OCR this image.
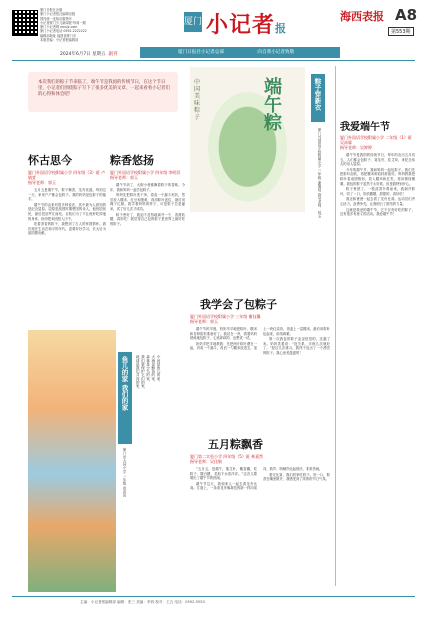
厦门日报社出版
厦门小记者报社编辑出版
国内统一连续出版物号
小记者厦门少儿新闻报·每周一期
厦门小记者网 xmxjz.com
厦门小记者电话 0592-2222222
编辑部地址 福建省厦门市
本版责编：小记者报编辑部
厦门 小记者报
海西表报 A8
第553期
2024年6月7日 星期五 副刊	厦门日报社小记者总部	向自我小记者致敬
本次我们的粽子节来临了，端午节是我国的传统节日，在这个节日里，小记者们围绕粽子写下了很多优美的文章，一起来看看小记者们的心得和体会吧！
中国美味粽子	端午粽	粽子穿新衣
厦门外国语学校附属小学 三年级 谢馨瑶 指导老师：郭玉
怀古思今
厦门外国语学校附属小学 四年级（3）班 卢婧萱
指导老师：郭玉

五月五是端午节，粽子飘香，龙舟竞渡。每到这一天，家家户户都会包粽子。我的奶奶是包粽子的能手。

端午节的由来有很多种说法，其中最为人熟知的是纪念屈原。屈原是战国时期楚国的诗人，他忧国忧民，最后投汨罗江而死。百姓们为了不让鱼虾吃掉他的身体，纷纷把米团投入江中。

吃着香香的粽子，我想到了古人的家国情怀。我们现在生活在和平的年代，更要好好学习，长大后为祖国做贡献。

粽香悠扬
厦门外国语学校附属小学 四年级 李明洋
指导老师：郭玉

端午节到了，大街小巷都飘着粽子的香味。今年，我和妈妈一起学包粽子。

妈妈先把粽叶洗干净，卷成一个漏斗形状，然后放入糯米、红豆和蛋黄，再用粽叶盖住，最后用绳子扎紧。我学着妈妈的样子，可是粽子总是漏米，试了好几次才成功。

粽子煮好了，我迫不及待地剥开一个，香甜软糯，真好吃！我觉得自己包的粽子是世界上最好吃的粽子。

鱼儿的家 我们的家
厦门市大同小学 一年级 郑沐萱
小河是鱼儿的家，
大海是鲸鱼的家，
森林是小鸟的家，
我们要保护它们的家，
地球是我们共同的家。
我学会了包粽子
厦门外国语学校附属小学 三年级 谢钰馨
指导老师：郭玉

端午节的早晨，奶奶早早地把粽叶、糯米和各种馅料准备好了。我站在一旁，看着奶奶熟练地包粽子，心里痒痒的，也想试一试。

奶奶手把手地教我：先把两片粽叶叠在一起，折成一个漏斗，再舀一勺糯米放进去，加上一块红烧肉，再盖上一层糯米，最后用粽叶包起来，用线绑紧。

第一次我包的粽子歪歪扭扭的，还漏了米。奶奶笑着说：“没关系，多练几次就好了。”经过几次练习，我终于包出了一个漂亮的粽子。我心里美滋滋的！

五月粽飘香
厦门第二实验小学 四年级（5）班 林嘉然
指导老师：吴佳敏

“五月五，是端午，插艾叶，戴香囊，吃粽子，撒白糖，龙船下水喜洋洋。”这首儿歌唱出了端午节的热闹。

端午节这天，我和家人一起去看龙舟比赛。江面上，一条条龙舟像离弦的箭一样向前冲，鼓声、呐喊声此起彼伏，非常热闹。

看完比赛，我们回家吃粽子。咬一口，粽香在嘴里散开，我感受到了浓浓的节日气氛。

我爱端午节
厦门外国语学校附属小学 二年级（1）班 吴沛霖
指导老师：吴婷婷

端午节是我国的传统节日，每年的农历五月初五，人们都会包粽子、赛龙舟、挂艾草，来纪念伟大的诗人屈原。

今年的端午节，我和妈妈一起包粽子。我们先把粽叶泡软，再把糯米和馅料准备好。妈妈教我把粽叶卷成圆锥形，放入糯米和红枣，再用棉线捆紧。我包的粽子虽然不太好看，但是我特别开心。

粽子煮熟了，一股清香扑鼻而来。我剥开粽叶，咬了一口，软软糯糯，甜甜的，真好吃！

我还和爸爸一起去看了龙舟比赛。运动员们齐心协力，奋勇争先，让我明白了团结的力量。

这就是我爱的端午节，它不仅有好吃的粽子，还有很多有意义的活动。我爱端午节！

主编：小记者报编辑部 编辑：张三 美编：李四 校对：王五 电话：0592-5553
